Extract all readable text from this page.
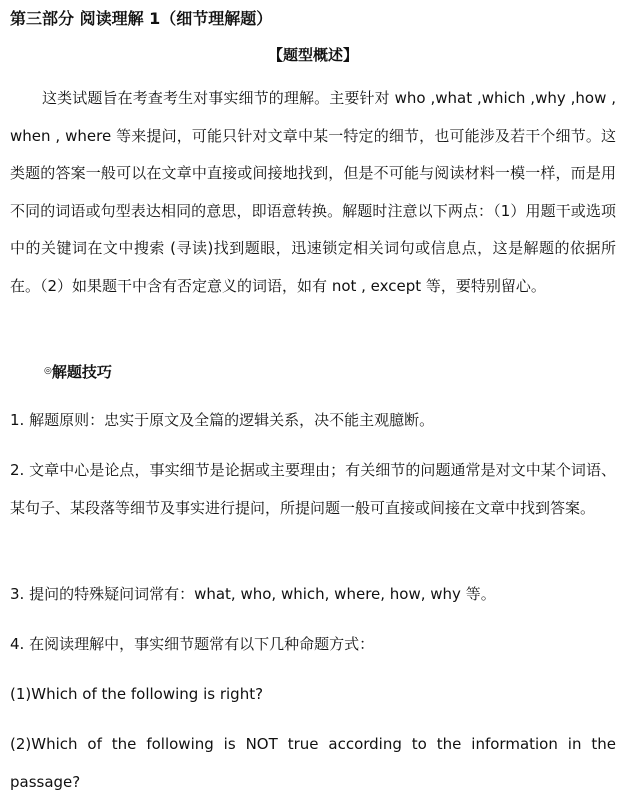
第三部分 阅读理解 1（细节理解题）
【题型概述】

这类试题旨在考查考生对事实细节的理解。主要针对 who ,what ,which ,why ,how , when , where 等来提问，可能只针对文章中某一特定的细节，也可能涉及若干个细节。这类题的答案一般可以在文章中直接或间接地找到，但是不可能与阅读材料一模一样，而是用不同的词语或句型表达相同的意思，即语意转换。解题时注意以下两点：（1）用题干或选项中的关键词在文中搜索 (寻读)找到题眼，迅速锁定相关词句或信息点，这是解题的依据所在。（2）如果题干中含有否定意义的词语，如有 not , except 等，要特别留心。

◎解题技巧

1. 解题原则：忠实于原文及全篇的逻辑关系，决不能主观臆断。

2. 文章中心是论点，事实细节是论据或主要理由；有关细节的问题通常是对文中某个词语、某句子、某段落等细节及事实进行提问，所提问题一般可直接或间接在文章中找到答案。

3. 提问的特殊疑问词常有：what, who, which, where, how, why 等。

4. 在阅读理解中，事实细节题常有以下几种命题方式：

(1)Which of the following is right?

(2)Which of the following is NOT true according to the information in the passage?
